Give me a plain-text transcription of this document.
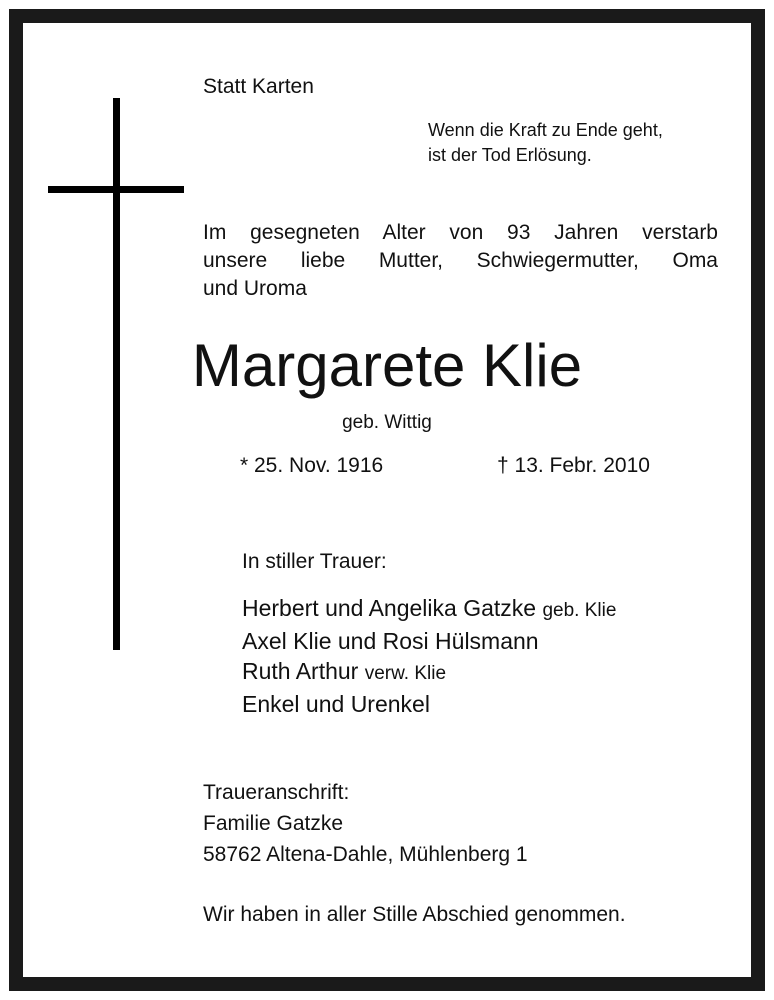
Statt Karten

Wenn die Kraft zu Ende geht,
ist der Tod Erlösung.
Im gesegneten Alter von 93 Jahren verstarb
unsere liebe Mutter, Schwiegermutter, Oma
und Uroma

Margarete Klie

geb. Wittig

* 25. Nov. 1916	† 13. Febr. 2010

In stiller Trauer:

Herbert und Angelika Gatzke geb. Klie
Axel Klie und Rosi Hülsmann
Ruth Arthur verw. Klie
Enkel und Urenkel
Traueranschrift:
Familie Gatzke
58762 Altena-Dahle, Mühlenberg 1

Wir haben in aller Stille Abschied genommen.
